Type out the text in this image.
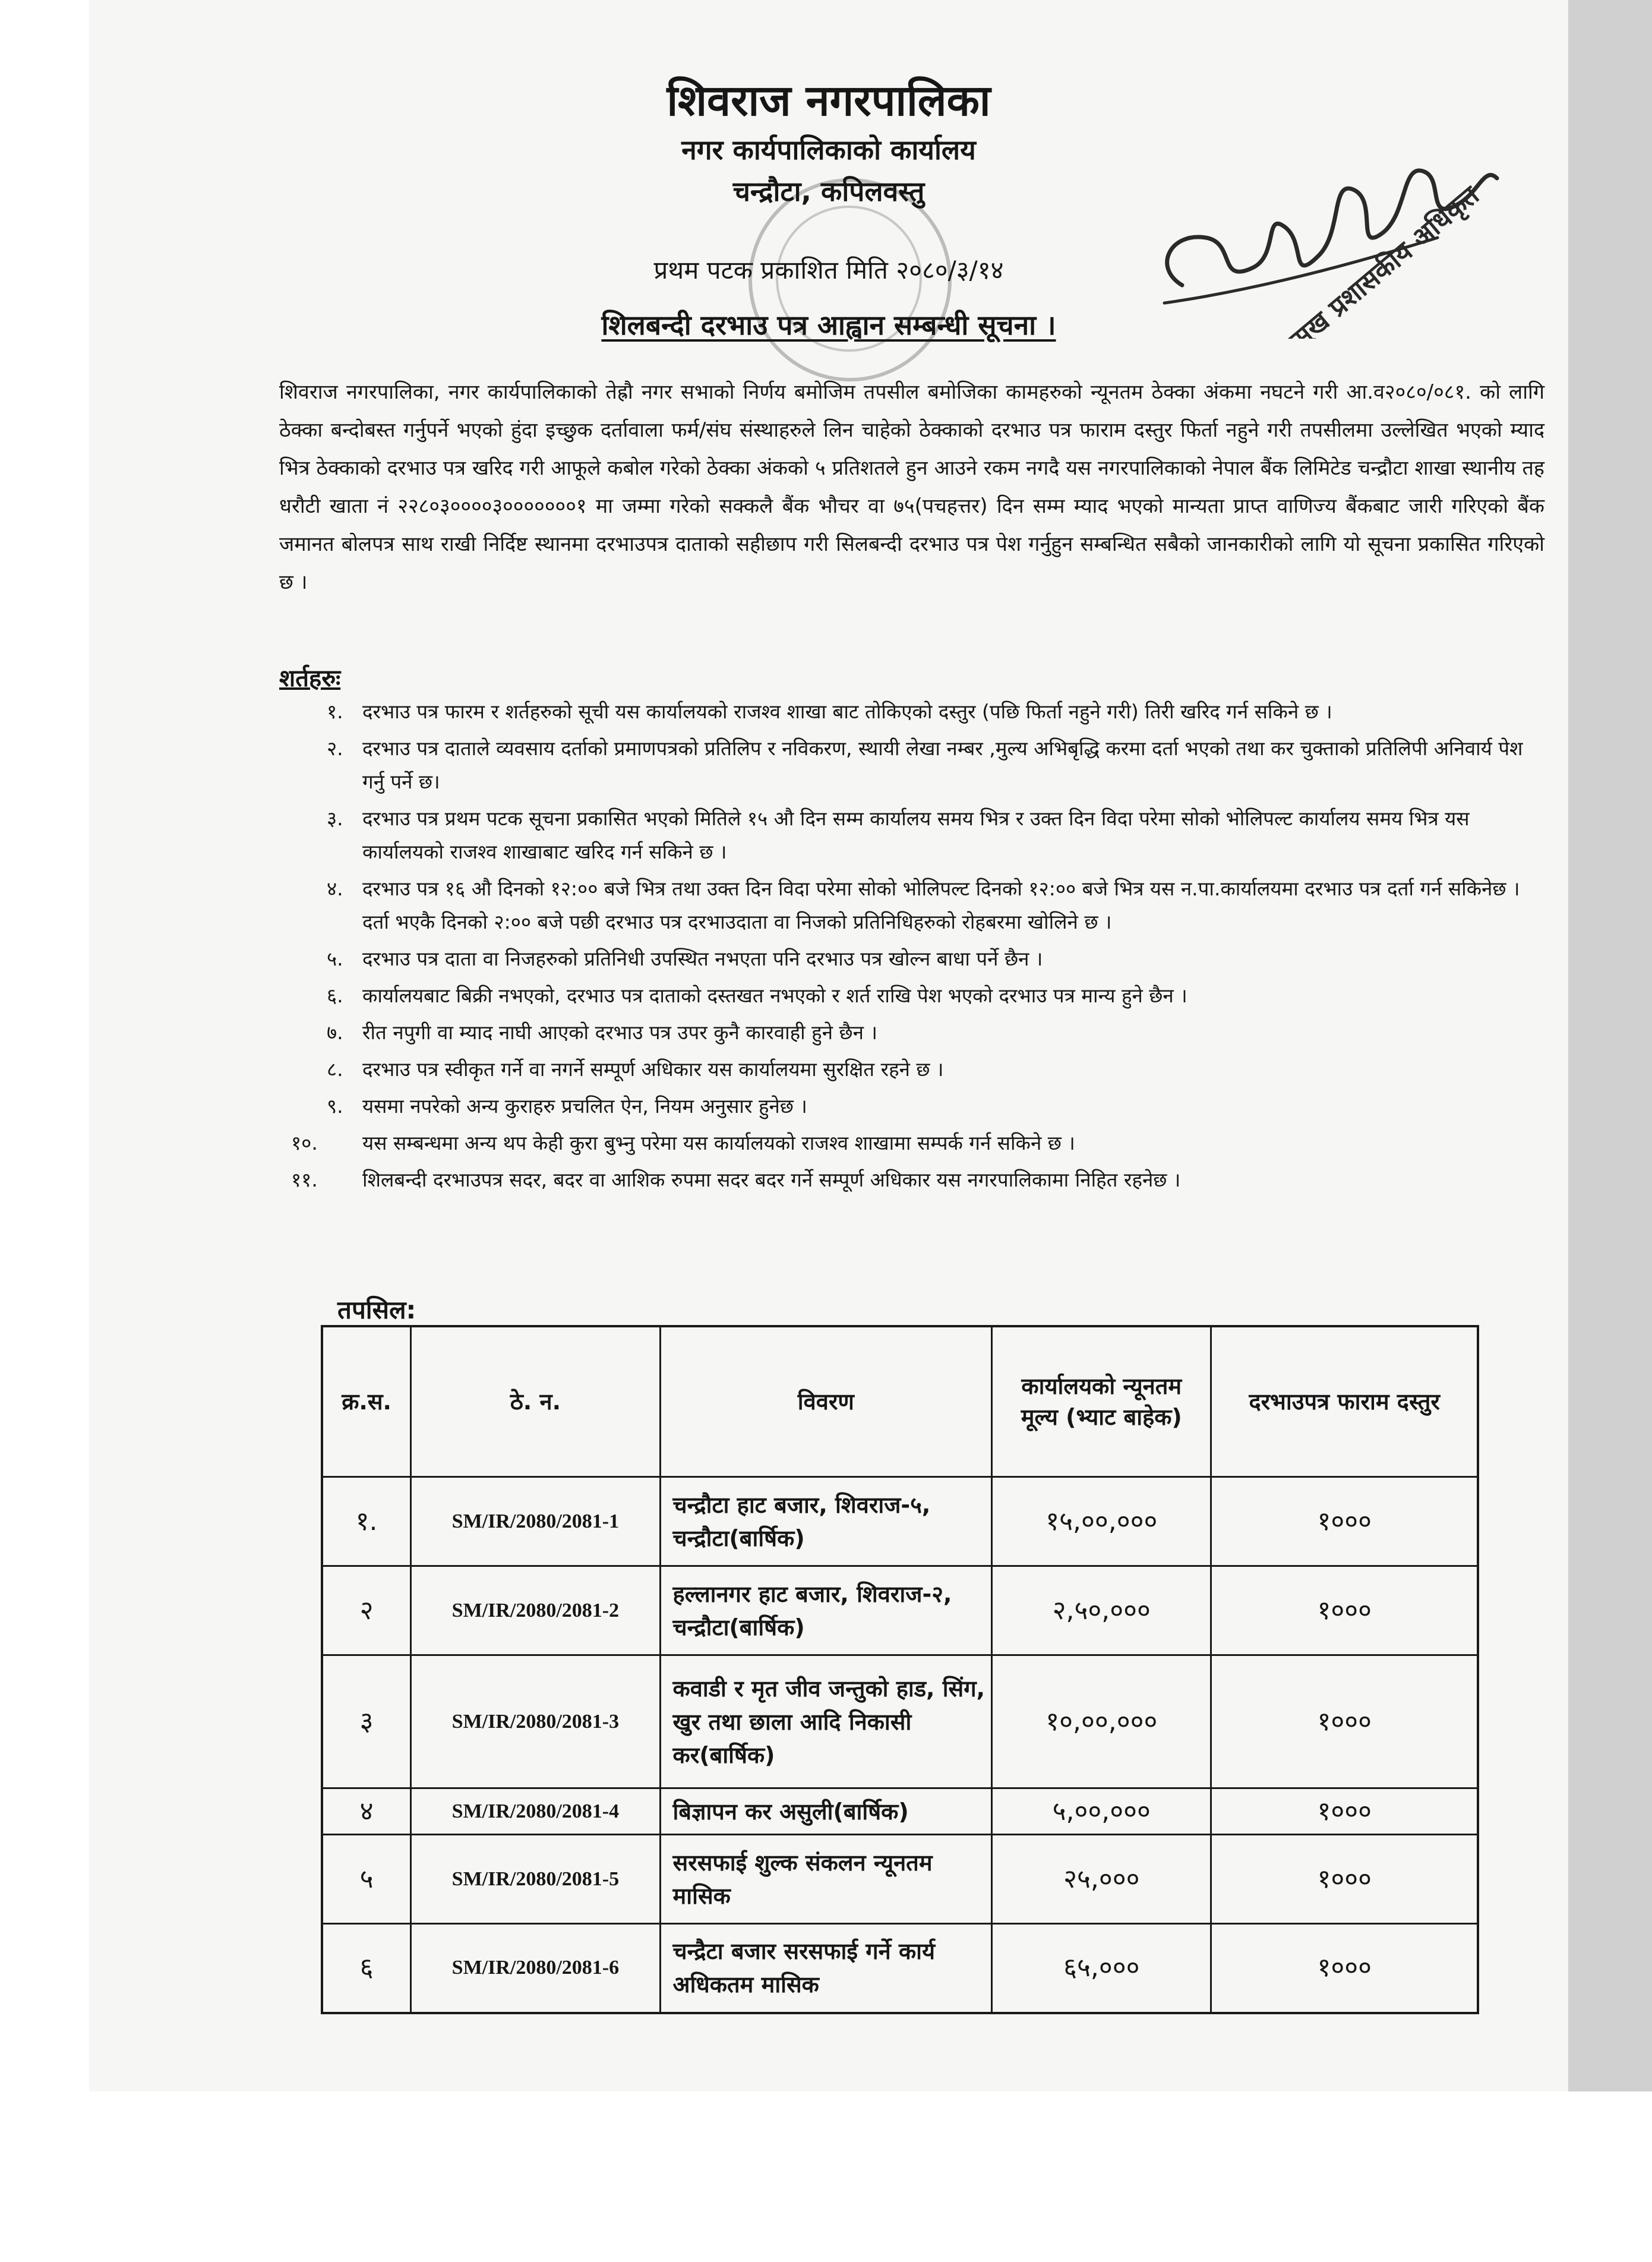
प्रमुख प्रशासकीय अधिकृत
शिवराज नगरपालिका
नगर कार्यपालिकाको कार्यालय
चन्द्रौटा, कपिलवस्तु
प्रथम पटक प्रकाशित मिति २०८०/३/१४
शिलबन्दी दरभाउ पत्र आह्वान सम्बन्धी सूचना ।

शिवराज नगरपालिका, नगर कार्यपालिकाको तेह्रौ नगर सभाको निर्णय बमोजिम तपसील बमोजिका कामहरुको न्यूनतम ठेक्का अंकमा नघटने गरी आ.व२०८०/०८१. को लागि ठेक्का बन्दोबस्त गर्नुपर्ने भएको हुंदा इच्छुक दर्तावाला फर्म/संघ संस्थाहरुले लिन चाहेको ठेक्काको दरभाउ पत्र फाराम दस्तुर फिर्ता नहुने गरी तपसीलमा उल्लेखित भएको म्याद भित्र ठेक्काको दरभाउ पत्र खरिद गरी आफूले कबोल गरेको ठेक्का अंकको ५ प्रतिशतले हुन आउने रकम नगदै यस नगरपालिकाको नेपाल बैंक लिमिटेड चन्द्रौटा शाखा स्थानीय तह धरौटी खाता नं २२८०३००००३०००००००१ मा जम्मा गरेको सक्कलै बैंक भौचर वा ७५(पचहत्तर) दिन सम्म म्याद भएको मान्यता प्राप्त वाणिज्य बैंकबाट जारी गरिएको बैंक जमानत बोलपत्र साथ राखी निर्दिष्ट स्थानमा दरभाउपत्र दाताको सहीछाप गरी सिलबन्दी दरभाउ पत्र पेश गर्नुहुन सम्बन्धित सबैको जानकारीको लागि यो सूचना प्रकासित गरिएको छ ।

शर्तहरुः
१. दरभाउ पत्र फारम र शर्तहरुको सूची यस कार्यालयको राजश्व शाखा बाट तोकिएको दस्तुर (पछि फिर्ता नहुने गरी) तिरी खरिद गर्न सकिने छ ।
२. दरभाउ पत्र दाताले व्यवसाय दर्ताको प्रमाणपत्रको प्रतिलिप र नविकरण, स्थायी लेखा नम्बर ,मुल्य अभिबृद्धि करमा दर्ता भएको तथा कर चुक्ताको प्रतिलिपी अनिवार्य पेश गर्नु पर्ने छ।
३. दरभाउ पत्र प्रथम पटक सूचना प्रकासित भएको मितिले १५ औ दिन सम्म कार्यालय समय भित्र र उक्त दिन विदा परेमा सोको भोलिपल्ट कार्यालय समय भित्र यस कार्यालयको राजश्व शाखाबाट खरिद गर्न सकिने छ ।
४. दरभाउ पत्र १६ औ दिनको १२:०० बजे भित्र तथा उक्त दिन विदा परेमा सोको भोलिपल्ट दिनको १२:०० बजे भित्र यस न.पा.कार्यालयमा दरभाउ पत्र दर्ता गर्न सकिनेछ । दर्ता भएकै दिनको २:०० बजे पछी दरभाउ पत्र दरभाउदाता वा निजको प्रतिनिधिहरुको रोहबरमा खोलिने छ ।
५. दरभाउ पत्र दाता वा निजहरुको प्रतिनिधी उपस्थित नभएता पनि दरभाउ पत्र खोल्न बाधा पर्ने छैन ।
६. कार्यालयबाट बिक्री नभएको, दरभाउ पत्र दाताको दस्तखत नभएको र शर्त राखि पेश भएको दरभाउ पत्र मान्य हुने छैन ।
७. रीत नपुगी वा म्याद नाघी आएको दरभाउ पत्र उपर कुनै कारवाही हुने छैन ।
८. दरभाउ पत्र स्वीकृत गर्ने वा नगर्ने सम्पूर्ण अधिकार यस कार्यालयमा सुरक्षित रहने छ ।
९. यसमा नपरेको अन्य कुराहरु प्रचलित ऐन, नियम अनुसार हुनेछ ।
१०.	यस सम्बन्धमा अन्य थप केही कुरा बुभ्नु परेमा यस कार्यालयको राजश्व शाखामा सम्पर्क गर्न सकिने छ ।
११.	शिलबन्दी दरभाउपत्र सदर, बदर वा आशिक रुपमा सदर बदर गर्ने सम्पूर्ण अधिकार यस नगरपालिकामा निहित रहनेछ ।
तपसिल:
क्र.स.	ठे. न.	विवरण	कार्यालयको न्यूनतम मूल्य (भ्याट बाहेक)	दरभाउपत्र फाराम दस्तुर
१.	SM/IR/2080/2081-1	चन्द्रौटा हाट बजार, शिवराज-५, चन्द्रौटा(बार्षिक)	१५,००,०००	१०००
२	SM/IR/2080/2081-2	हल्लानगर हाट बजार, शिवराज-२, चन्द्रौटा(बार्षिक)	२,५०,०००	१०००
३	SM/IR/2080/2081-3	कवाडी र मृत जीव जन्तुको हाड, सिंग, खुर तथा छाला आदि निकासी कर(बार्षिक)	१०,००,०००	१०००
४	SM/IR/2080/2081-4	बिज्ञापन कर असुली(बार्षिक)	५,००,०००	१०००
५	SM/IR/2080/2081-5	सरसफाई शुल्क संकलन न्यूनतम मासिक	२५,०००	१०००
६	SM/IR/2080/2081-6	चन्द्रैटा बजार सरसफाई गर्ने कार्य अधिकतम मासिक	६५,०००	१०००
